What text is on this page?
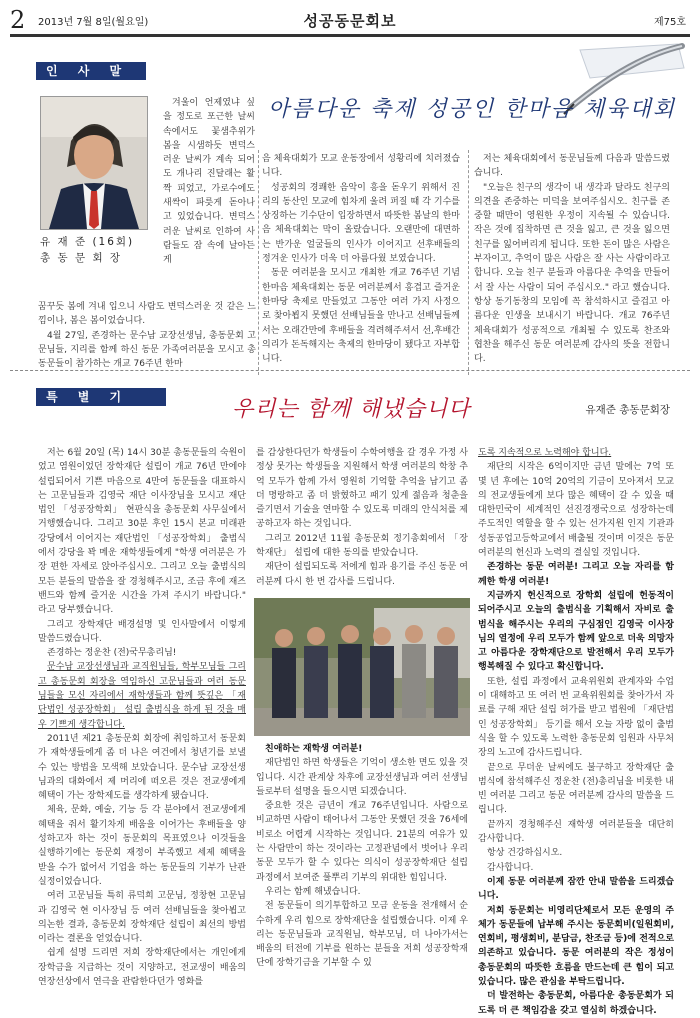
2 2013년 7월 8일(월요일)	성공동문회보	제75호
인 사 말
아름다운 축제 성공인 한마음 체육대회
유 재 준 (16회)
총 동 문 회 장

겨울이 언제였냐 싶을 정도로 포근한 날씨속에서도 꽃샘추위가 봄을 시샘하듯 변덕스러운 날씨가 계속 되어도 개나리 진달래는 활짝 피었고, 가로수에도 새싹이 파릇게 돋아나고 있었습니다. 변덕스러운 날씨로 인하여 사람들도 잠 속에 날아든 게

꿈꾸듯 봄에 겨내 입으니 사람도 변덕스러운 것 같은 느낌이나, 봄은 봄이었습니다.

4월 27일, 존경하는 문수남 교장선생님, 총동문회 고문님들, 지리를 함께 하신 동문 가족여러분을 모시고 총동문들이 참가하는 개교 76주년 한마

음 체육대회가 모교 운동장에서 성황리에 치러졌습니다.

성공회의 경쾌한 음악이 흥을 돋우기 위해서 진리의 동산인 모교에 힘차게 울려 퍼질 때 각 기수를 상징하는 기수단이 입장하면서 따뜻한 봄날의 한마음 체육대회는 막이 올랐습니다. 오랜만에 대면하는 반가운 얼굴들의 인사가 이어지고 선후배들의 정겨운 인사가 더욱 더 아름다웠 보였습니다.

동문 여러분을 모시고 개최한 개교 76주년 기념 한마음 체육대회는 동문 여러분께서 흥겹고 즐거운 한마당 축제로 만들었고 그동안 여러 가지 사정으로 찾아뵙지 못했던 선배님들을 만나고 선배님들께서는 오래간만에 후배들을 격려해주셔서 선,후배간 의리가 돈독해지는 축제의 한마당이 됐다고 자부합니다.

저는 체육대회에서 동문님들께 다음과 말씀드렸습니다.

"오늘은 친구의 생각이 내 생각과 달라도 친구의 의견을 존중하는 미덕을 보여주십시오. 친구를 존중할 때만이 영원한 우정이 지속될 수 있습니다. 작은 것에 집착하면 큰 것을 잃고, 큰 것을 잃으면 친구를 잃어버리게 됩니다. 또한 돈이 많은 사람은 부자이고, 추억이 많은 사람은 잘 사는 사람이라고 합니다. 오늘 친구 분들과 아름다운 추억을 만들어서 잘 사는 사람이 되어 주십시오." 라고 했습니다. 항상 동기동창의 모임에 꼭 참석하시고 즐겁고 아름다운 인생을 보내시기 바랍니다. 개교 76주년 체육대회가 성공적으로 개최될 수 있도록 찬조와 협찬을 해주신 동문 여러분께 감사의 뜻을 전합니다.

특 별 기 고	우리는 함께 해냈습니다	유재준 총동문회장

저는 6월 20일 (목) 14시 30분 총동문들의 숙원이었고 염원이었던 장학재단 설립이 개교 76년 만에야 설립되어서 기쁜 마음으로 4만여 동문들을 대표하시는 고문님들과 김영국 재단 이사장님을 모시고 재단법인 「성공장학회」 현판식을 총동문회 사무실에서 거행했습니다. 그리고 30분 후인 15시 본교 미래관 강당에서 이어지는 재단법인 「성공장학회」 출범식에서 강당을 꽉 메운 재학생들에게 "학생 여러분은 가장 편한 자세로 앉아주십시오. 그리고 오늘 출범식의 모든 분들의 말씀을 잘 경청해주시고, 조금 후에 재즈밴드와 함께 즐거운 시간을 가져 주시기 바랍니다." 라고 당부했습니다.

그리고 장학재단 배경설명 및 인사말에서 이렇게 말씀드렸습니다.

존경하는 정운찬 (전)국무총리님!

문수남 교장선생님과 교직원님들, 학부모님들 그리고 총동문회 회장을 역임하신 고문님들과 여러 동문님들을 모신 자리에서 재학생들과 함께 뜻깊은 「재단법인 성공장학회」 설립 출범식을 하게 된 것을 매우 기쁘게 생각합니다.

2011년 제21 총동문회 회장에 취임하고서 동문회가 재학생들에게 좀 더 나은 여건에서 청년기를 보낼 수 있는 방법을 모색해 보았습니다. 문수남 교장선생님과의 대화에서 제 머리에 떠오른 것은 전교생에게 혜택이 가는 장학제도를 생각하게 됐습니다.

체육, 문화, 예술, 기능 등 각 분야에서 전교생에게 혜택을 줘서 활기차게 배움을 이어가는 후배들을 양성하고자 하는 것이 동문회의 목표였으나 이것들을 실행하기에는 동문회 재정이 부족했고 세제 혜택을 받을 수가 없어서 기업을 하는 동문들의 기부가 난관 실정이었습니다.

여러 고문님들 특히 류덕희 고문님, 정창현 고문님과 김영국 현 이사장님 등 여러 선배님들을 찾아뵙고 의논한 결과, 총동문회 장학재단 설립이 최선의 방법이라는 결론을 얻었습니다.

쉽게 설명 드리면 저희 장학재단에서는 개인에게 장학금을 지급하는 것이 지양하고, 전교생이 배움의 연장선상에서 연극을 관람한다던가 영화를

를 감상한다던가 학생들이 수학여행을 갈 경우 가정 사정상 못가는 학생들을 지원해서 학생 여러분의 학창 추억 모두가 함께 가서 영원히 기억할 추억을 남기고 좀 더 명랑하고 좀 더 밝혔하고 패기 있게 젊음과 청춘을 즐기면서 기술을 연마할 수 있도록 미래의 안식처를 제공하고자 하는 것입니다.

그리고 2012년 11월 총동문회 정기총회에서 「장학재단」 설립에 대한 동의를 받았습니다.

재단이 설립되도록 저에게 힘과 용기를 주신 동문 여러분께 다시 한 번 감사를 드립니다.

친애하는 재학생 여러분!

재단법인 하면 학생들은 기억이 생소한 면도 있을 것입니다. 시간 관계상 차후에 교장선생님과 여러 선생님들로부터 설명을 들으시면 되겠습니다.

중요한 것은 금년이 개교 76주년입니다. 사람으로 비교하면 사람이 태어나서 그동안 못했던 것을 76세에 비로소 어렵게 시작하는 것입니다. 21분의 여유가 있는 사람만이 하는 것이라는 고정관념에서 벗어나 우리 동문 모두가 할 수 있다는 의식이 성공장학재단 설립 과정에서 보여준 풀뿌리 기부의 위대한 힘입니다.

우리는 함께 해냈습니다.

전 동문들이 의기투합하고 모금 운동을 전개해서 순수하게 우리 힘으로 장학재단을 설립했습니다. 이제 우리는 동문님들과 교직원님, 학부모님, 더 나아가서는 배움의 터전에 기부를 원하는 분들을 저희 성공장학재단에 장학기금을 기부할 수 있

도록 지속적으로 노력해야 합니다.

재단의 시작은 6억이지만 금년 말에는 7억 또 몇 년 후에는 10억 20억의 기금이 모아져서 모교의 전교생들에게 보다 많은 혜택이 갈 수 있을 때 대한민국이 세계적인 선진경쟁국으로 성장하는데 주도적인 역할을 할 수 있는 선가지원 인지 기관과 성동공업고등학교에서 배출될 것이며 이것은 동문 여러분의 헌신과 노력의 결실일 것입니다.

존경하는 동문 여러분! 그리고 오늘 자리를 함께한 학생 여러분!

지금까지 헌신적으로 장학회 설립에 헌동적이 되어주시고 오늘의 출범식을 기획해서 자비로 출범식을 해주시는 우리의 구심점인 김영국 이사장님의 열정에 우리 모두가 함께 앞으로 더욱 의망자고 아름다운 장학재단으로 발전해서 우리 모두가 행복해질 수 있다고 확신합니다.

또한, 설립 과정에서 교육위원회 관계자와 수업이 대해하고 또 여러 번 교육위원회를 찾아가서 자료를 구해 재단 설립 허가를 받고 법원에 「재단법인 성공장학회」 등기를 해서 오늘 자랑 없이 출범식을 할 수 있도록 노력한 총동문회 임원과 사무처장의 노고에 감사드립니다.

끝으로 무더운 날씨에도 불구하고 장학재단 출범식에 참석해주신 정운찬 (전)총리님을 비롯한 내빈 여러분 그리고 동문 여러분께 감사의 말씀을 드립니다.

끝까지 경청해주신 재학생 여러분들을 대단히 감사합니다.

항상 건강하십시오.

감사합니다.

이제 동문 여러분께 잠깐 안내 말씀을 드리겠습니다.

저희 동문회는 비영리단체로서 모든 운영의 주체가 동문들에 납부해 주시는 동문회비(일원회비, 연회비, 평생회비, 분담금, 찬조금 등)에 전적으로 의존하고 있습니다. 동문 여러분의 작은 정성이 총동문회의 따뜻한 흐름을 만드는데 큰 힘이 되고 있습니다. 많은 관심을 부탁드립니다.

더 발전하는 총동문회, 아름다운 총동문회가 되도록 더 큰 책임감을 갖고 열심히 하겠습니다.
